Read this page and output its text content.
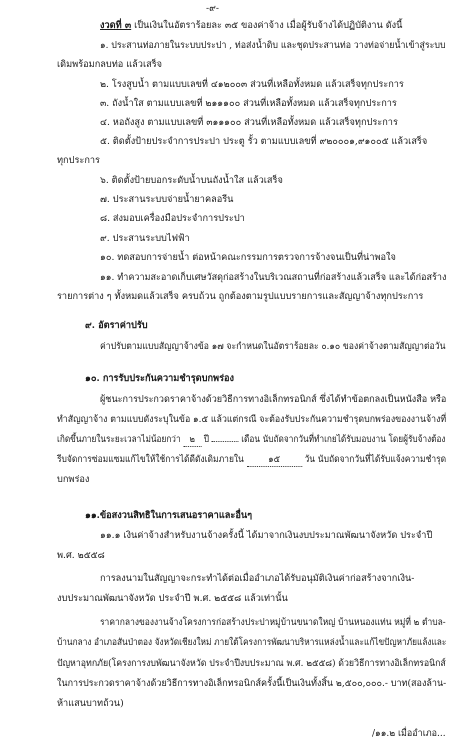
-๙-
งวดที่ ๓ เป็นเงินในอัตราร้อยละ ๓๕ ของค่าจ้าง เมื่อผู้รับจ้างได้ปฏิบัติงาน ดังนี้
๑. ประสานท่อภายในระบบประปา , ท่อส่งน้ำดิบ และชุดประสานท่อ วางท่อจ่ายน้ำเข้าสู่ระบบ
เดิมพร้อมกลบท่อ แล้วเสร็จ
๒. โรงสูบน้ำ ตามแบบเลขที่ ๔๑๒๐๐๓ ส่วนที่เหลือทั้งหมด แล้วเสร็จทุกประการ
๓. ถังน้ำใส ตามแบบเลขที่ ๒๑๑๑๐๐ ส่วนที่เหลือทั้งหมด แล้วเสร็จทุกประการ
๔. หอถังสูง ตามแบบเลขที่ ๓๑๑๑๐๐ ส่วนที่เหลือทั้งหมด แล้วเสร็จทุกประการ
๕. ติดตั้งป้ายประจำการประปา ประตู รั้ว ตามแบบเลขที่ ๙๒๐๐๐๑,๙๑๐๐๕ แล้วเสร็จ
ทุกประการ
๖. ติดตั้งป้ายบอกระดับน้ำบนถังน้ำใส แล้วเสร็จ
๗. ประสานระบบจ่ายน้ำยาคลอรีน
๘. ส่งมอบเครื่องมือประจำการประปา
๙. ประสานระบบไฟฟ้า
๑๐. ทดสอบการจ่ายน้ำ ต่อหน้าคณะกรรมการตรวจการจ้างจนเป็นที่น่าพอใจ
๑๑. ทำความสะอาดเก็บเศษวัสดุก่อสร้างในบริเวณสถานที่ก่อสร้างแล้วเสร็จ และได้ก่อสร้าง
รายการต่าง ๆ ทั้งหมดแล้วเสร็จ ครบถ้วน ถูกต้องตามรูปแบบรายการและสัญญาจ้างทุกประการ
๙. อัตราค่าปรับ
ค่าปรับตามแบบสัญญาจ้างข้อ ๑๗ จะกำหนดในอัตราร้อยละ ๐.๑๐ ของค่าจ้างตามสัญญาต่อวัน
๑๐. การรับประกันความชำรุดบกพร่อง
ผู้ชนะการประกวดราคาจ้างด้วยวิธีการทางอิเล็กทรอนิกส์ ซึ่งได้ทำข้อตกลงเป็นหนังสือ หรือ
ทำสัญญาจ้าง ตามแบบดังระบุในข้อ ๑.๕ แล้วแต่กรณี จะต้องรับประกันความชำรุดบกพร่องของงานจ้างที่
เกิดขึ้นภายในระยะเวลาไม่น้อยกว่า ๒ ปี	เดือน นับถัดจากวันที่ทำเกยได้รับมอบงาน โดยผู้รับจ้างต้อง
รีบจัดการซ่อมแซมแก้ไขให้ใช้การได้ดีดังเดิมภายใน	๑๕	วัน นับถัดจากวันที่ได้รับแจ้งความชำรุด
บกพร่อง
๑๑.ข้อสงวนสิทธิในการเสนอราคาและอื่นๆ
๑๑.๑ เงินค่าจ้างสำหรับงานจ้างครั้งนี้ ได้มาจากเงินงบประมาณพัฒนาจังหวัด ประจำปี
พ.ศ. ๒๕๕๘
การลงนามในสัญญาจะกระทำได้ต่อเมื่ออำเภอได้รับอนุมัติเงินค่าก่อสร้างจากเงิน-
งบประมาณพัฒนาจังหวัด ประจำปี พ.ศ. ๒๕๕๘ แล้วเท่านั้น
ราคากลางของงานจ้างโครงการก่อสร้างประปาหมู่บ้านขนาดใหญ่ บ้านหนองแท่น หมู่ที่ ๒ ตำบล-
บ้านกลาง อำเภอสันป่าตอง จังหวัดเชียงใหม่ ภายใต้โครงการพัฒนาบริหารแหล่งน้ำและแก้ไขปัญหาภัยแล้งและ
ปัญหาอุทกภัย(โครงการงบพัฒนาจังหวัด ประจำปีงบประมาณ พ.ศ. ๒๕๕๘) ด้วยวิธีการทางอิเล็กทรอนิกส์
ในการประกวดราคาจ้างด้วยวิธีการทางอิเล็กทรอนิกส์ครั้งนี้เป็นเงินทั้งสิ้น ๒,๕๐๐,๐๐๐.- บาท(สองล้าน-
ห้าแสนบาทถ้วน)
/๑๑.๒ เมื่ออำเภอ...
